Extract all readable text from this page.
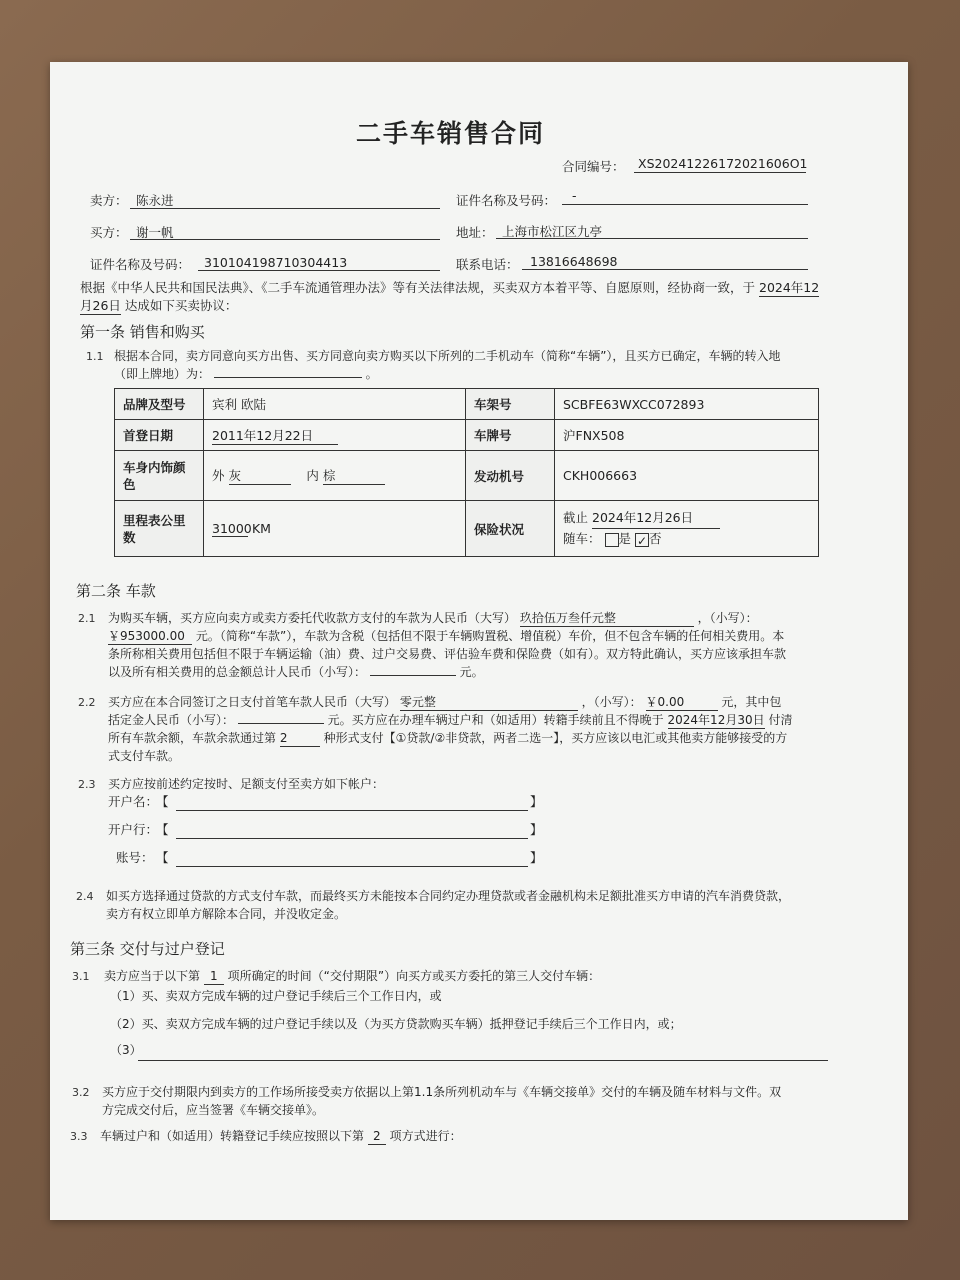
二手车销售合同
合同编号： XS20241226172021606O1
卖方： 陈永进	证件名称及号码： -
买方： 谢一帆	地址： 上海市松江区九亭
证件名称及号码： 310104198710304413	联系电话： 13816648698
根据《中华人民共和国民法典》、《二手车流通管理办法》等有关法律法规，买卖双方本着平等、自愿原则，经协商一致，于 2024年12
月26日 达成如下买卖协议：
第一条 销售和购买
1.1 根据本合同，卖方同意向买方出售、买方同意向卖方购买以下所列的二手机动车（简称“车辆”），且买方已确定，车辆的转入地
（即上牌地）为：	。
品牌及型号	宾利 欧陆	车架号	SCBFE63WXCC072893
首登日期	2011年12月22日	车牌号	沪FNX508
车身内饰颜色	外 灰 内 棕	发动机号	CKH006663
里程表公里数	31000 KM	保险状况	截止 2024年12月26日
随车： 是 ✓ 否
第二条 车款
2.1 为购买车辆，买方应向卖方或卖方委托代收款方支付的车款为人民币（大写） 玖拾伍万叁仟元整	，（小写）：
￥953000.00 元。（简称“车款”），车款为含税（包括但不限于车辆购置税、增值税）车价，但不包含车辆的任何相关费用。本
条所称相关费用包括但不限于车辆运输（油）费、过户交易费、评估验车费和保险费（如有）。双方特此确认，买方应该承担车款
以及所有相关费用的总金额总计人民币（小写）：	元。
2.2 买方应在本合同签订之日支付首笔车款人民币（大写） 零元整	，（小写）： ￥0.00	元，其中包
括定金人民币（小写）：	元。买方应在办理车辆过户和（如适用）转籍手续前且不得晚于 2024年12月30日 付清
所有车款余额，车款余款通过第 2	种形式支付【①贷款/②非贷款，两者二选一】，买方应该以电汇或其他卖方能够接受的方
式支付车款。
2.3 买方应按前述约定按时、足额支付至卖方如下帐户：
开户名：
【	】
开户行：
【	】
账号： 【	】
2.4 如买方选择通过贷款的方式支付车款，而最终买方未能按本合同约定办理贷款或者金融机构未足额批准买方申请的汽车消费贷款，
卖方有权立即单方解除本合同，并没收定金。
第三条 交付与过户登记
3.1 卖方应当于以下第 1 项所确定的时间（“交付期限”）向买方或买方委托的第三人交付车辆：
（1）买、卖双方完成车辆的过户登记手续后三个工作日内，或
（2）买、卖双方完成车辆的过户登记手续以及（为买方贷款购买车辆）抵押登记手续后三个工作日内，或；
（3）
3.2 买方应于交付期限内到卖方的工作场所接受卖方依据以上第1.1条所列机动车与《车辆交接单》交付的车辆及随车材料与文件。双
方完成交付后，应当签署《车辆交接单》。
3.3 车辆过户和（如适用）转籍登记手续应按照以下第 2 项方式进行：
